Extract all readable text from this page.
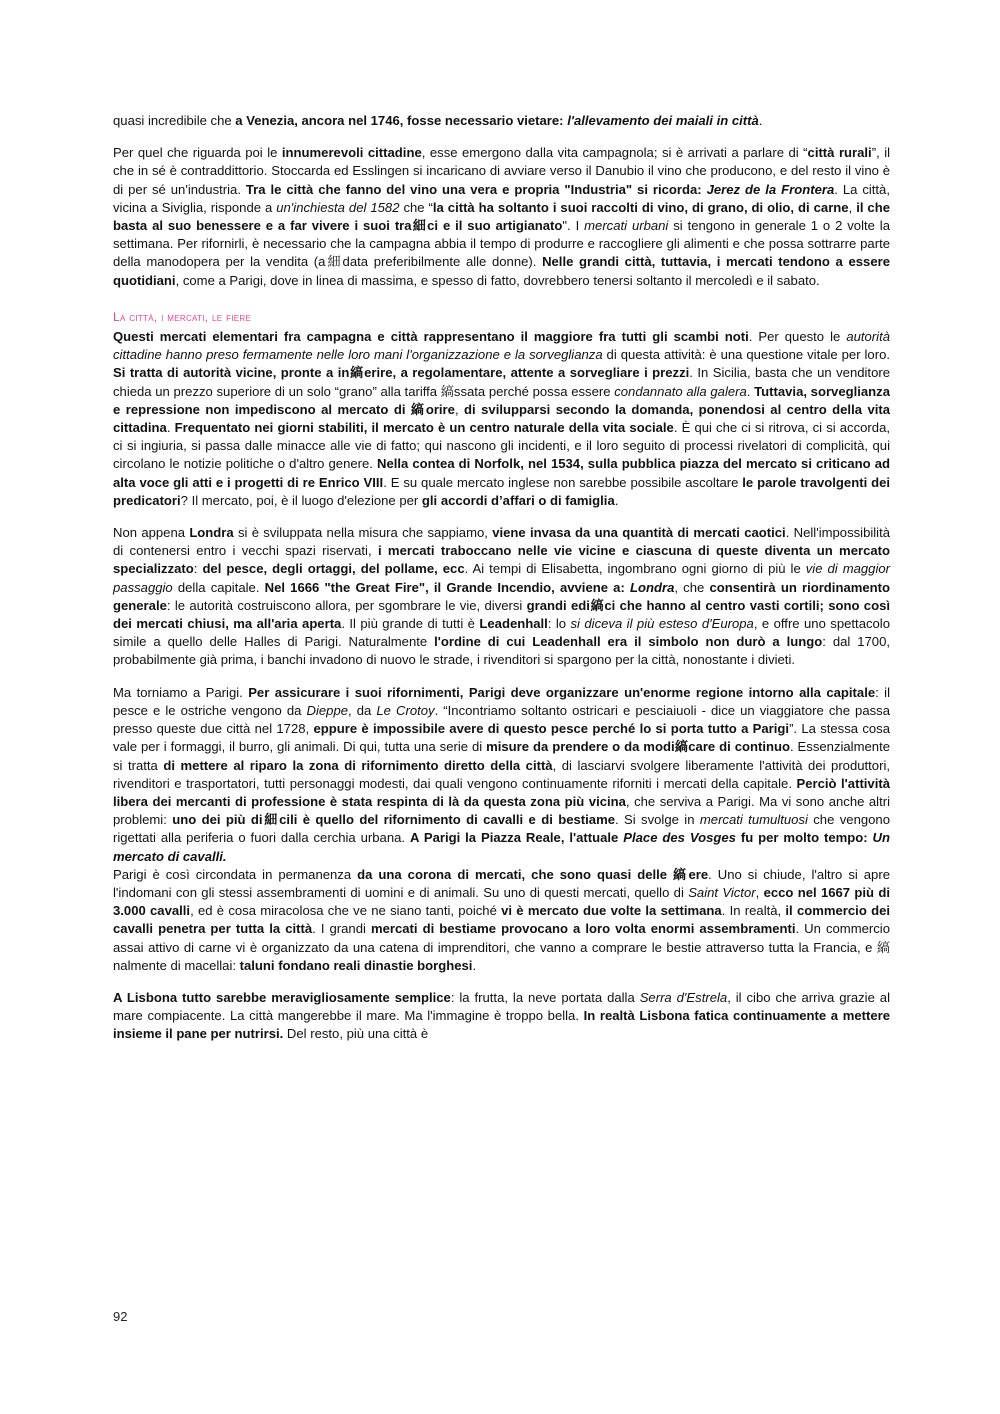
quasi incredibile che a Venezia, ancora nel 1746, fosse necessario vietare: l'allevamento dei maiali in città.

Per quel che riguarda poi le innumerevoli cittadine, esse emergono dalla vita campagnola; si è arrivati a parlare di “città rurali”, il che in sé è contraddittorio. Stoccarda ed Esslingen si incaricano di avviare verso il Danubio il vino che producono, e del resto il vino è di per sé un'industria. Tra le città che fanno del vino una vera e propria "Industria" si ricorda: Jerez de la Frontera. La città, vicina a Siviglia, risponde a un'inchiesta del 1582 che “la città ha soltanto i suoi raccolti di vino, di grano, di olio, di carne, il che basta al suo benessere e a far vivere i suoi tra細ci e il suo artigianato". I mercati urbani si tengono in generale 1 o 2 volte la settimana. Per rifornirli, è necessario che la campagna abbia il tempo di produrre e raccogliere gli alimenti e che possa sottrarre parte della manodopera per la vendita (a細data preferibilmente alle donne). Nelle grandi città, tuttavia, i mercati tendono a essere quotidiani, come a Parigi, dove in linea di massima, e spesso di fatto, dovrebbero tenersi soltanto il mercoledì e il sabato.

La città, i mercati, le fiere

Questi mercati elementari fra campagna e città rappresentano il maggiore fra tutti gli scambi noti. Per questo le autorità cittadine hanno preso fermamente nelle loro mani l'organizzazione e la sorveglianza di questa attività: è una questione vitale per loro. Si tratta di autorità vicine, pronte a in縞erire, a regolamentare, attente a sorvegliare i prezzi. In Sicilia, basta che un venditore chieda un prezzo superiore di un solo “grano” alla tariffa 縞ssata perché possa essere condannato alla galera. Tuttavia, sorveglianza e repressione non impediscono al mercato di 縞orire, di svilupparsi secondo la domanda, ponendosi al centro della vita cittadina. Frequentato nei giorni stabiliti, il mercato è un centro naturale della vita sociale. È qui che ci si ritrova, ci si accorda, ci si ingiuria, si passa dalle minacce alle vie di fatto; qui nascono gli incidenti, e il loro seguito di processi rivelatori di complicità, qui circolano le notizie politiche o d'altro genere. Nella contea di Norfolk, nel 1534, sulla pubblica piazza del mercato si criticano ad alta voce gli atti e i progetti di re Enrico VIII. E su quale mercato inglese non sarebbe possibile ascoltare le parole travolgenti dei predicatori? Il mercato, poi, è il luogo d'elezione per gli accordi d’affari o di famiglia.

Non appena Londra si è sviluppata nella misura che sappiamo, viene invasa da una quantità di mercati caotici. Nell'impossibilità di contenersi entro i vecchi spazi riservati, i mercati traboccano nelle vie vicine e ciascuna di queste diventa un mercato specializzato: del pesce, degli ortaggi, del pollame, ecc. Ai tempi di Elisabetta, ingombrano ogni giorno di più le vie di maggior passaggio della capitale. Nel 1666 "the Great Fire", il Grande Incendio, avviene a: Londra, che consentirà un riordinamento generale: le autorità costruiscono allora, per sgombrare le vie, diversi grandi edi縞ci che hanno al centro vasti cortili; sono così dei mercati chiusi, ma all'aria aperta. Il più grande di tutti è Leadenhall: lo si diceva il più esteso d'Europa, e offre uno spettacolo simile a quello delle Halles di Parigi. Naturalmente l'ordine di cui Leadenhall era il simbolo non durò a lungo: dal 1700, probabilmente già prima, i banchi invadono di nuovo le strade, i rivenditori si spargono per la città, nonostante i divieti.

Ma torniamo a Parigi. Per assicurare i suoi rifornimenti, Parigi deve organizzare un'enorme regione intorno alla capitale: il pesce e le ostriche vengono da Dieppe, da Le Crotoy. “Incontriamo soltanto ostricari e pesciaiuoli - dice un viaggiatore che passa presso queste due città nel 1728, eppure è impossibile avere di questo pesce perché lo si porta tutto a Parigi”. La stessa cosa vale per i formaggi, il burro, gli animali. Di qui, tutta una serie di misure da prendere o da modi縞care di continuo. Essenzialmente si tratta di mettere al riparo la zona di rifornimento diretto della città, di lasciarvi svolgere liberamente l'attività dei produttori, rivenditori e trasportatori, tutti personaggi modesti, dai quali vengono continuamente riforniti i mercati della capitale. Perciò l'attività libera dei mercanti di professione è stata respinta di là da questa zona più vicina, che serviva a Parigi. Ma vi sono anche altri problemi: uno dei più di細cili è quello del rifornimento di cavalli e di bestiame. Si svolge in mercati tumultuosi che vengono rigettati alla periferia o fuori dalla cerchia urbana. A Parigi la Piazza Reale, l'attuale Place des Vosges fu per molto tempo: Un mercato di cavalli.

Parigi è così circondata in permanenza da una corona di mercati, che sono quasi delle 縞ere. Uno si chiude, l'altro si apre l'indomani con gli stessi assembramenti di uomini e di animali. Su uno di questi mercati, quello di Saint Victor, ecco nel 1667 più di 3.000 cavalli, ed è cosa miracolosa che ve ne siano tanti, poiché vi è mercato due volte la settimana. In realtà, il commercio dei cavalli penetra per tutta la città. I grandi mercati di bestiame provocano a loro volta enormi assembramenti. Un commercio assai attivo di carne vi è organizzato da una catena di imprenditori, che vanno a comprare le bestie attraverso tutta la Francia, e 縞nalmente di macellai: taluni fondano reali dinastie borghesi.

A Lisbona tutto sarebbe meravigliosamente semplice: la frutta, la neve portata dalla Serra d'Estrela, il cibo che arriva grazie al mare compiacente. La città mangerebbe il mare. Ma l'immagine è troppo bella. In realtà Lisbona fatica continuamente a mettere insieme il pane per nutrirsi. Del resto, più una città è

92
